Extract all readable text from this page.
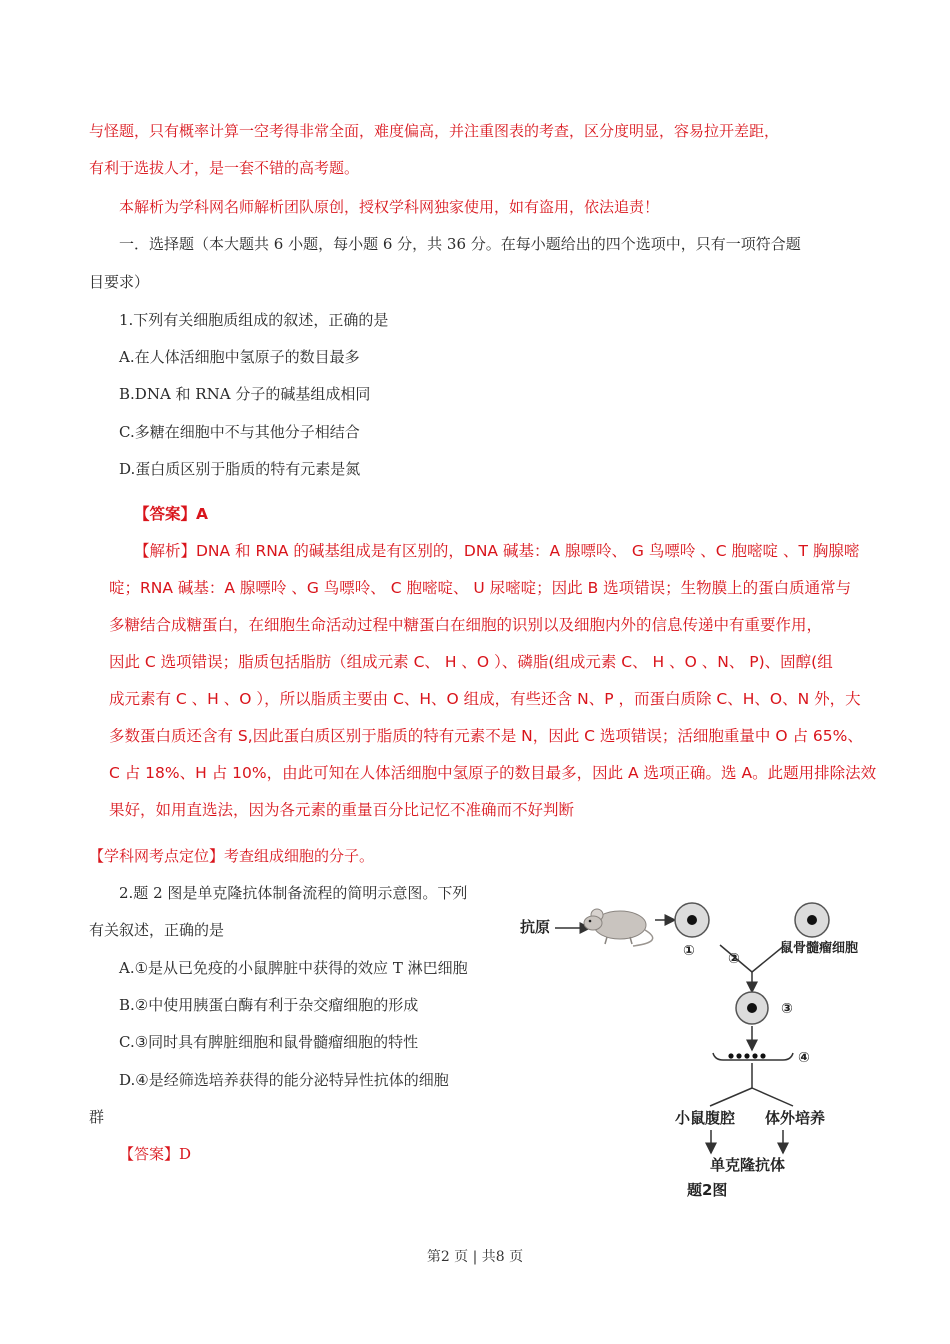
与怪题，只有概率计算一空考得非常全面，难度偏高，并注重图表的考查，区分度明显，容易拉开差距，
有利于选拔人才，是一套不错的高考题。
本解析为学科网名师解析团队原创，授权学科网独家使用，如有盗用，依法追责！
一．选择题（本大题共 6 小题，每小题 6 分，共 36 分。在每小题给出的四个选项中，只有一项符合题
目要求）
1.下列有关细胞质组成的叙述，正确的是
A.在人体活细胞中氢原子的数目最多
B.DNA 和 RNA 分子的碱基组成相同
C.多糖在细胞中不与其他分子相结合
D.蛋白质区别于脂质的特有元素是氮
【答案】A
【解析】DNA 和 RNA 的碱基组成是有区别的，DNA 碱基：A 腺嘌呤、 G 鸟嘌呤 、C 胞嘧啶 、T 胸腺嘧
啶；RNA 碱基：A 腺嘌呤 、G 鸟嘌呤、 C 胞嘧啶、 U 尿嘧啶；因此 B 选项错误；生物膜上的蛋白质通常与
多糖结合成糖蛋白，在细胞生命活动过程中糖蛋白在细胞的识别以及细胞内外的信息传递中有重要作用，
因此 C 选项错误；脂质包括脂肪（组成元素 C、 H 、O ）、磷脂(组成元素 C、 H 、O 、N、 P)、固醇(组
成元素有 C 、H 、O ），所以脂质主要由 C、H、O 组成，有些还含 N、P ，而蛋白质除 C、H、O、N 外，大
多数蛋白质还含有 S,因此蛋白质区别于脂质的特有元素不是 N，因此 C 选项错误；活细胞重量中 O 占 65%、
C 占 18%、H 占 10%，由此可知在人体活细胞中氢原子的数目最多，因此 A 选项正确。选 A。此题用排除法效
果好，如用直选法，因为各元素的重量百分比记忆不准确而不好判断
【学科网考点定位】考查组成细胞的分子。
2.题 2 图是单克隆抗体制备流程的简明示意图。下列
有关叙述，正确的是
A.①是从已免疫的小鼠脾脏中获得的效应 T 淋巴细胞
B.②中使用胰蛋白酶有利于杂交瘤细胞的形成
C.③同时具有脾脏细胞和鼠骨髓瘤细胞的特性
D.④是经筛选培养获得的能分泌特异性抗体的细胞
群
【答案】D
抗原
①	鼠骨髓瘤细胞
②
③
④
小鼠腹腔 体外培养
单克隆抗体
题2图
第2 页 | 共8 页
